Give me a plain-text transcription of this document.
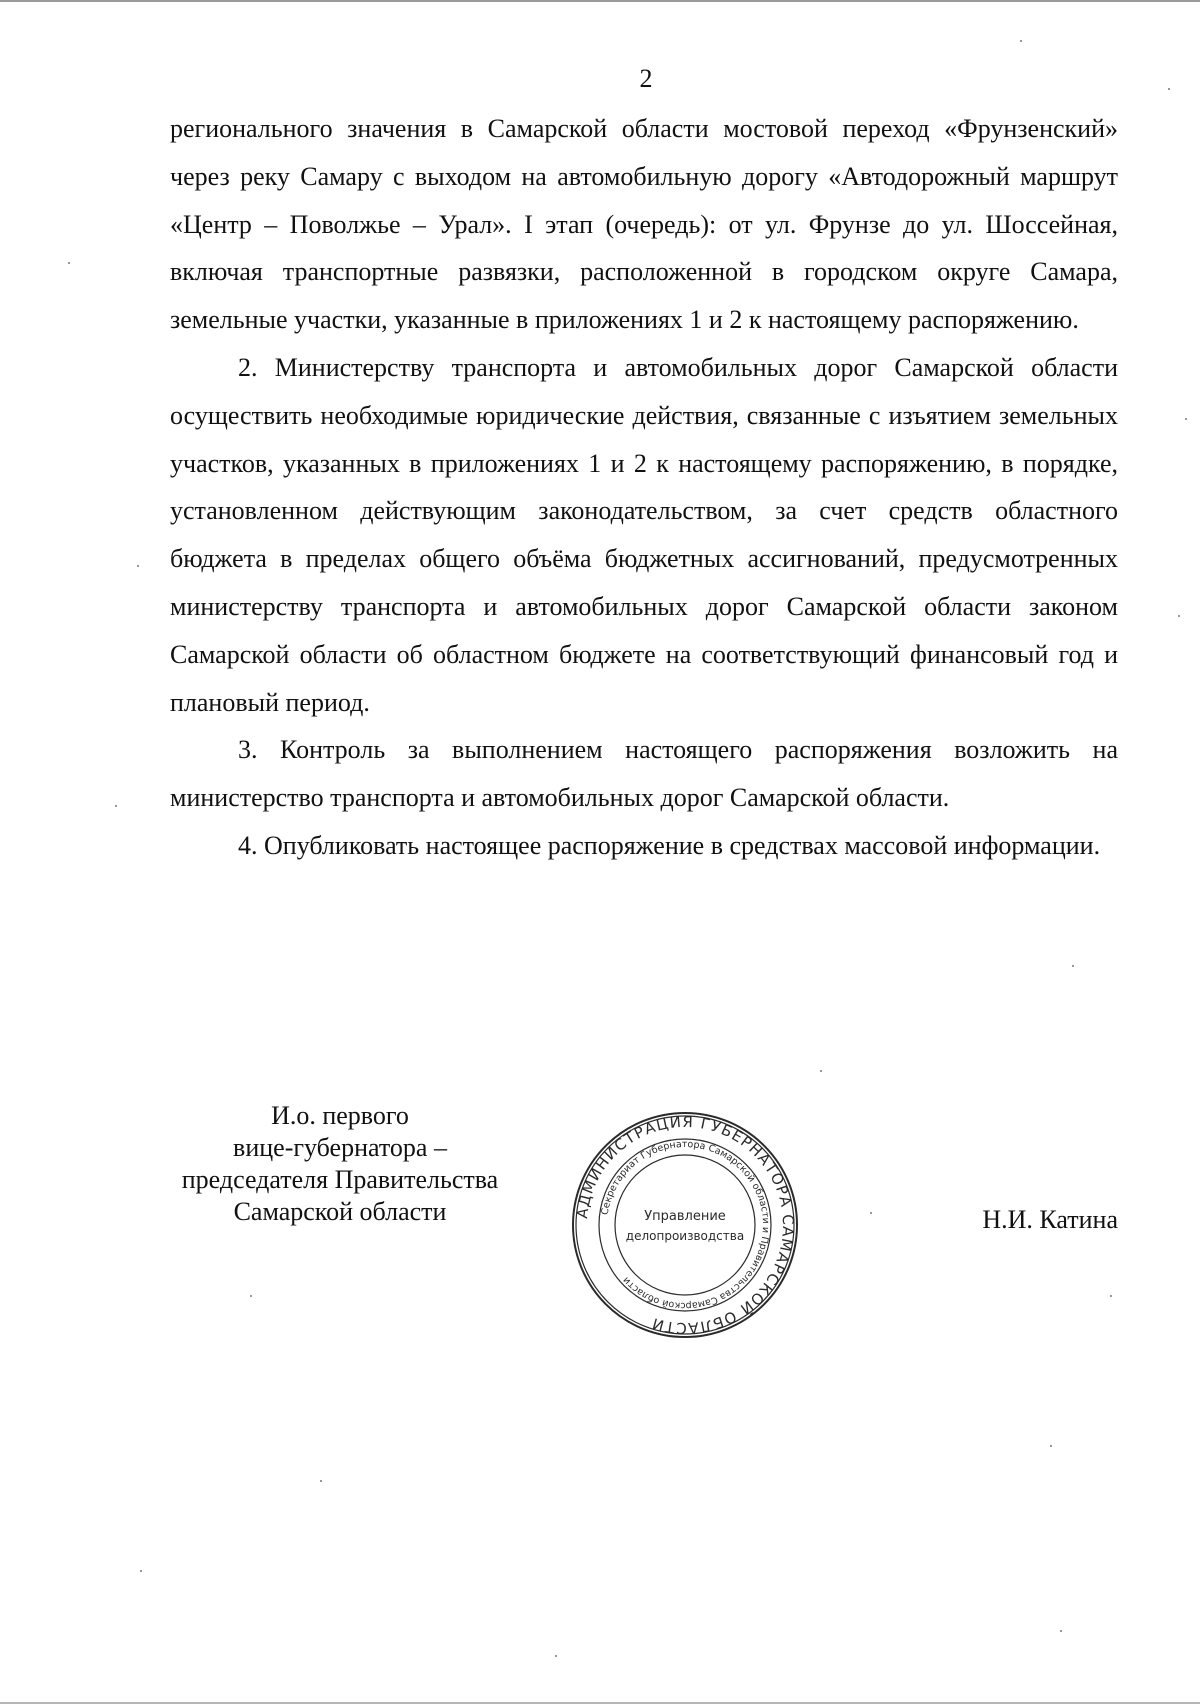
2

регионального значения в Самарской области мостовой переход «Фрунзенский» через реку Самару с выходом на автомобильную дорогу «Автодорожный маршрут «Центр – Поволжье – Урал». I этап (очередь): от ул. Фрунзе до ул. Шоссейная, включая транспортные развязки, расположенной в городском округе Самара, земельные участки, указанные в приложениях 1 и 2 к настоящему распоряжению.

2. Министерству транспорта и автомобильных дорог Самарской области осуществить необходимые юридические действия, связанные с изъятием земельных участков, указанных в приложениях 1 и 2 к настоящему распоряжению, в порядке, установленном действующим законодательством, за счет средств областного бюджета в пределах общего объёма бюджетных ассигнований, предусмотренных министерству транспорта и автомобильных дорог Самарской области законом Самарской области об областном бюджете на соответствующий финансовый год и плановый период.

3. Контроль за выполнением настоящего распоряжения возложить на министерство транспорта и автомобильных дорог Самарской области.

4. Опубликовать настоящее распоряжение в средствах массовой информации.

И.о. первого
вице-губернатора –
председателя Правительства
Самарской области	АДМИНИСТРАЦИЯ ГУБЕРНАТОРА САМАРСКОЙ ОБЛАСТИ
Секретариат Губернатора Самарской области и Правительства Самарской области
Управление
делопроизводства
Н.И. Катина
